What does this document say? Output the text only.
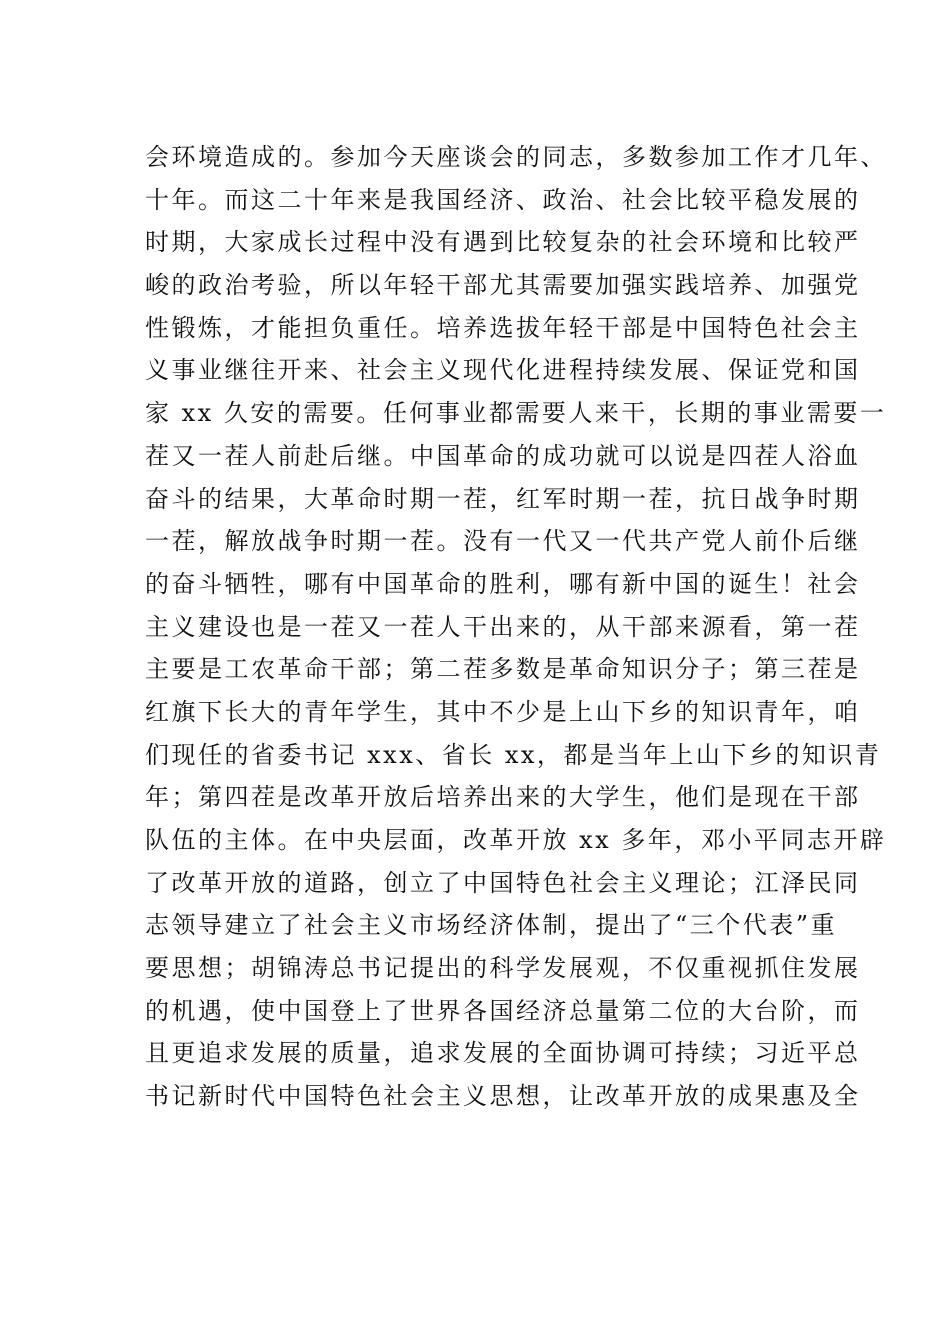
会环境造成的。参加今天座谈会的同志，多数参加工作才几年、
十年。而这二十年来是我国经济、政治、社会比较平稳发展的
时期，大家成长过程中没有遇到比较复杂的社会环境和比较严
峻的政治考验，所以年轻干部尤其需要加强实践培养、加强党
性锻炼，才能担负重任。培养选拔年轻干部是中国特色社会主
义事业继往开来、社会主义现代化进程持续发展、保证党和国
家 xx 久安的需要。任何事业都需要人来干，长期的事业需要一
茬又一茬人前赴后继。中国革命的成功就可以说是四茬人浴血
奋斗的结果，大革命时期一茬，红军时期一茬，抗日战争时期
一茬，解放战争时期一茬。没有一代又一代共产党人前仆后继
的奋斗牺牲，哪有中国革命的胜利，哪有新中国的诞生！社会
主义建设也是一茬又一茬人干出来的，从干部来源看，第一茬
主要是工农革命干部；第二茬多数是革命知识分子；第三茬是
红旗下长大的青年学生，其中不少是上山下乡的知识青年，咱
们现任的省委书记 xxx、省长 xx，都是当年上山下乡的知识青
年；第四茬是改革开放后培养出来的大学生，他们是现在干部
队伍的主体。在中央层面，改革开放 xx 多年，邓小平同志开辟
了改革开放的道路，创立了中国特色社会主义理论；江泽民同
志领导建立了社会主义市场经济体制，提出了“三个代表”重
要思想；胡锦涛总书记提出的科学发展观，不仅重视抓住发展
的机遇，使中国登上了世界各国经济总量第二位的大台阶，而
且更追求发展的质量，追求发展的全面协调可持续；习近平总
书记新时代中国特色社会主义思想，让改革开放的成果惠及全
